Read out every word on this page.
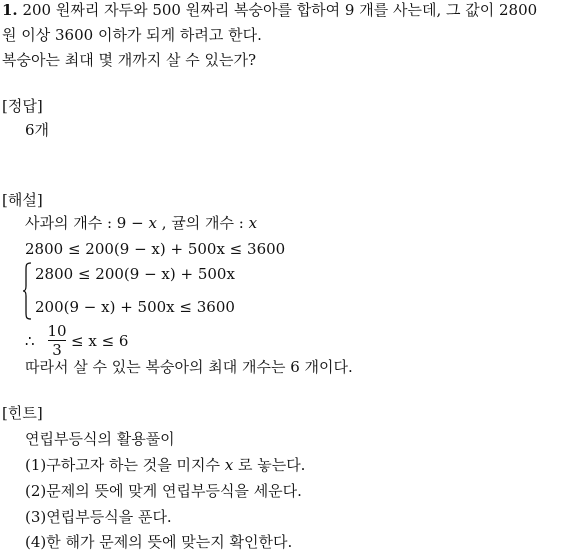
1. 200 원짜리 자두와 500 원짜리 복숭아를 합하여 9 개를 사는데, 그 값이 2800
원 이상 3600 이하가 되게 하려고 한다.
복숭아는 최대 몇 개까지 살 수 있는가?
[정답]
6개
[해설]
사과의 개수 : 9 − x , 귤의 개수 : x
2800 ≤ 200(9 − x) + 500x ≤ 3600
2800 ≤ 200(9 − x) + 500x
200(9 − x) + 500x ≤ 3600
∴
10
3 ≤ x ≤ 6
따라서 살 수 있는 복숭아의 최대 개수는 6 개이다.
[힌트]
연립부등식의 활용풀이
(1)구하고자 하는 것을 미지수 x 로 놓는다.
(2)문제의 뜻에 맞게 연립부등식을 세운다.
(3)연립부등식을 푼다.
(4)한 해가 문제의 뜻에 맞는지 확인한다.
